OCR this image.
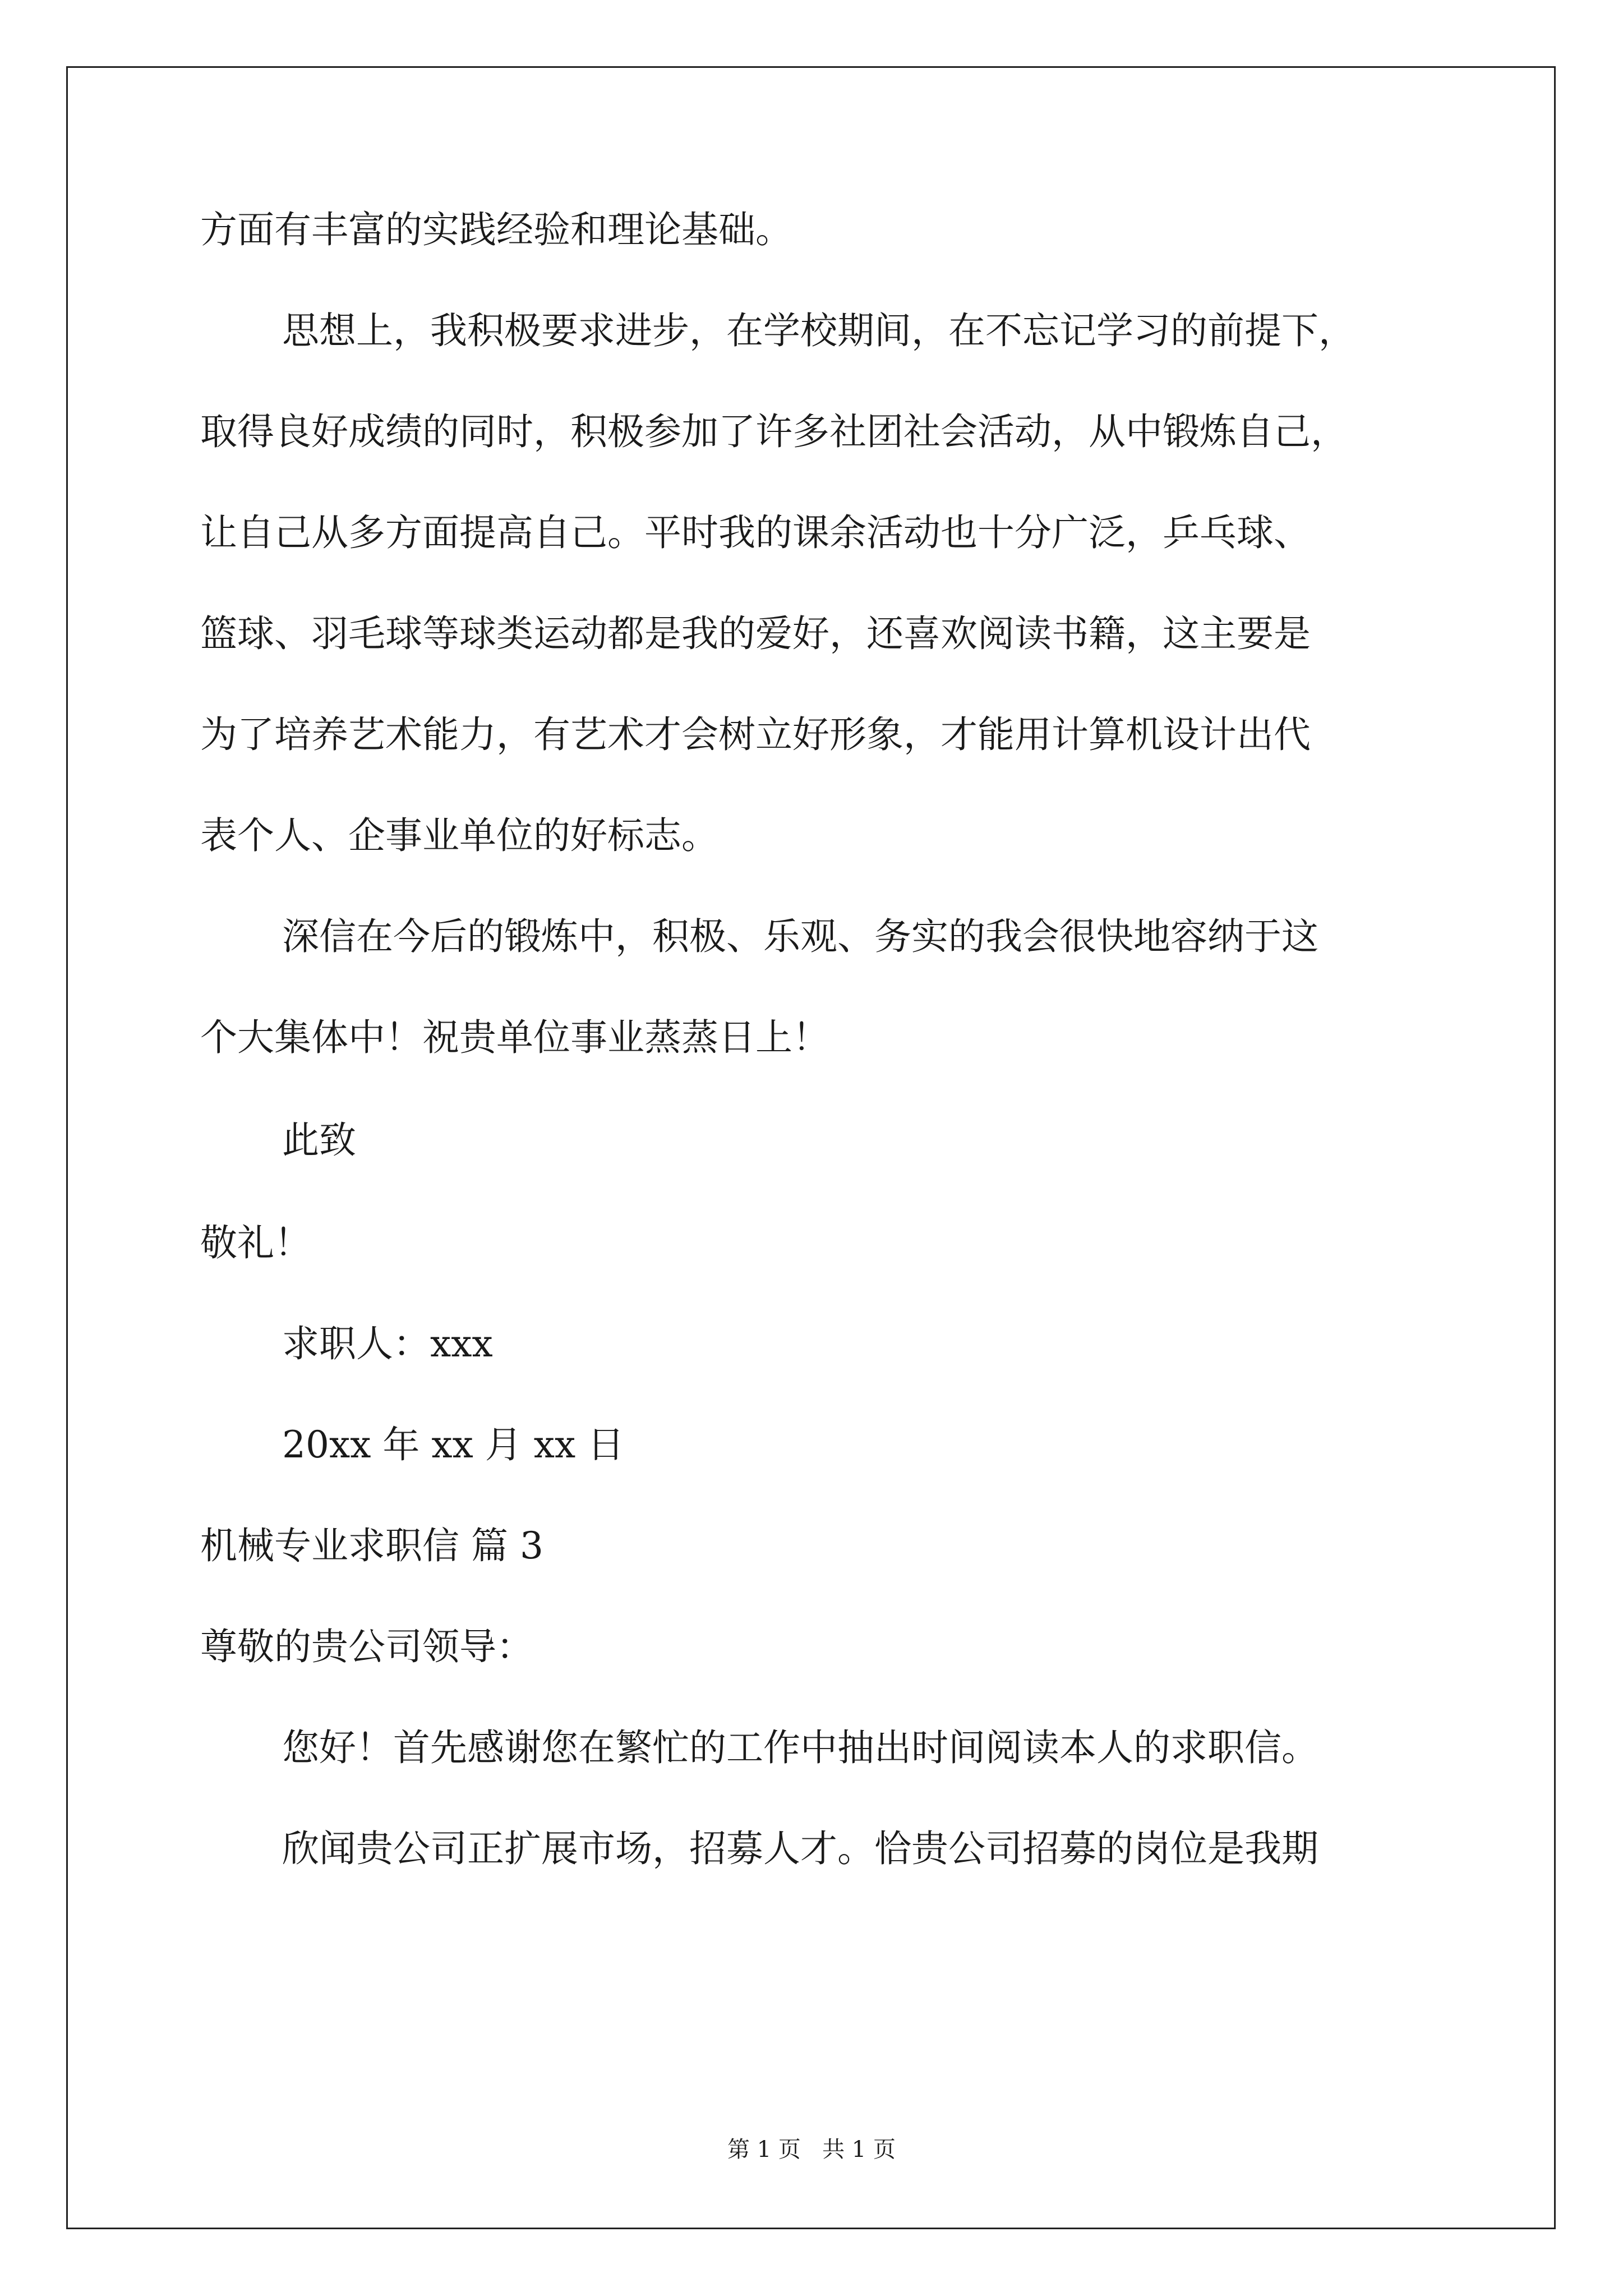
方面有丰富的实践经验和理论基础。
思想上，我积极要求进步，在学校期间，在不忘记学习的前提下，
取得良好成绩的同时，积极参加了许多社团社会活动，从中锻炼自己，
让自己从多方面提高自己。平时我的课余活动也十分广泛，乒乓球、
篮球、羽毛球等球类运动都是我的爱好，还喜欢阅读书籍，这主要是
为了培养艺术能力，有艺术才会树立好形象，才能用计算机设计出代
表个人、企事业单位的好标志。
深信在今后的锻炼中，积极、乐观、务实的我会很快地容纳于这
个大集体中！祝贵单位事业蒸蒸日上！
此致
敬礼！
求职人：xxx
20xx 年 xx 月 xx 日
机械专业求职信 篇 3
尊敬的贵公司领导：
您好！首先感谢您在繁忙的工作中抽出时间阅读本人的求职信。
欣闻贵公司正扩展市场，招募人才。恰贵公司招募的岗位是我期
第 1 页   共 1 页
